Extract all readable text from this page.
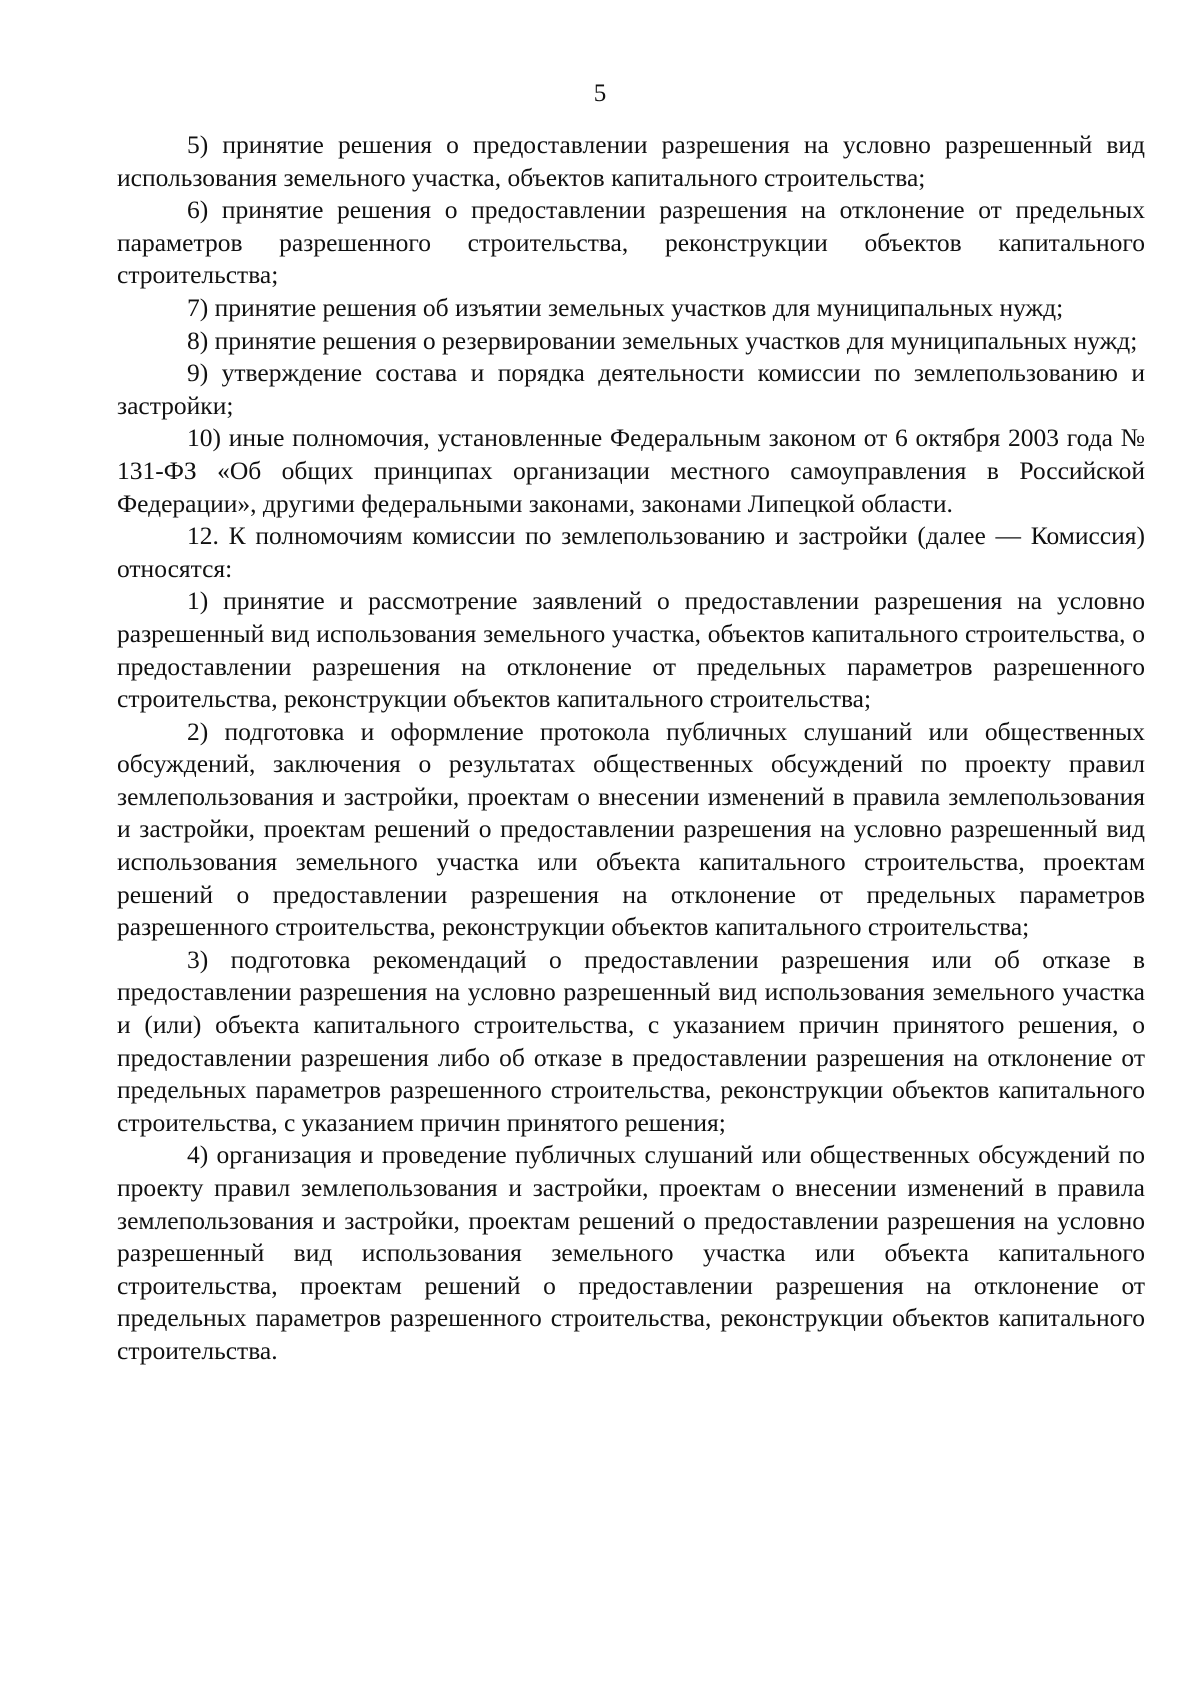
5

5) принятие решения о предоставлении разрешения на условно разрешенный вид использования земельного участка, объектов капитального строительства;

6) принятие решения о предоставлении разрешения на отклонение от предельных параметров разрешенного строительства, реконструкции объектов капитального строительства;

7) принятие решения об изъятии земельных участков для муниципальных нужд;

8) принятие решения о резервировании земельных участков для муниципальных нужд;

9) утверждение состава и порядка деятельности комиссии по землепользованию и застройки;

10) иные полномочия, установленные Федеральным законом от 6 октября 2003 года № 131-ФЗ «Об общих принципах организации местного самоуправления в Российской Федерации», другими федеральными законами, законами Липецкой области.

12. К полномочиям комиссии по землепользованию и застройки (далее — Комиссия) относятся:

1) принятие и рассмотрение заявлений о предоставлении разрешения на условно разрешенный вид использования земельного участка, объектов капитального строительства, о предоставлении разрешения на отклонение от предельных параметров разрешенного строительства, реконструкции объектов капитального строительства;

2) подготовка и оформление протокола публичных слушаний или общественных обсуждений, заключения о результатах общественных обсуждений по проекту правил землепользования и застройки, проектам о внесении изменений в правила землепользования и застройки, проектам решений о предоставлении разрешения на условно разрешенный вид использования земельного участка или объекта капитального строительства, проектам решений о предоставлении разрешения на отклонение от предельных параметров разрешенного строительства, реконструкции объектов капитального строительства;

3) подготовка рекомендаций о предоставлении разрешения или об отказе в предоставлении разрешения на условно разрешенный вид использования земельного участка и (или) объекта капитального строительства, с указанием причин принятого решения, о предоставлении разрешения либо об отказе в предоставлении разрешения на отклонение от предельных параметров разрешенного строительства, реконструкции объектов капитального строительства, с указанием причин принятого решения;

4) организация и проведение публичных слушаний или общественных обсуждений по проекту правил землепользования и застройки, проектам о внесении изменений в правила землепользования и застройки, проектам решений о предоставлении разрешения на условно разрешенный вид использования земельного участка или объекта капитального строительства, проектам решений о предоставлении разрешения на отклонение от предельных параметров разрешенного строительства, реконструкции объектов капитального строительства.
